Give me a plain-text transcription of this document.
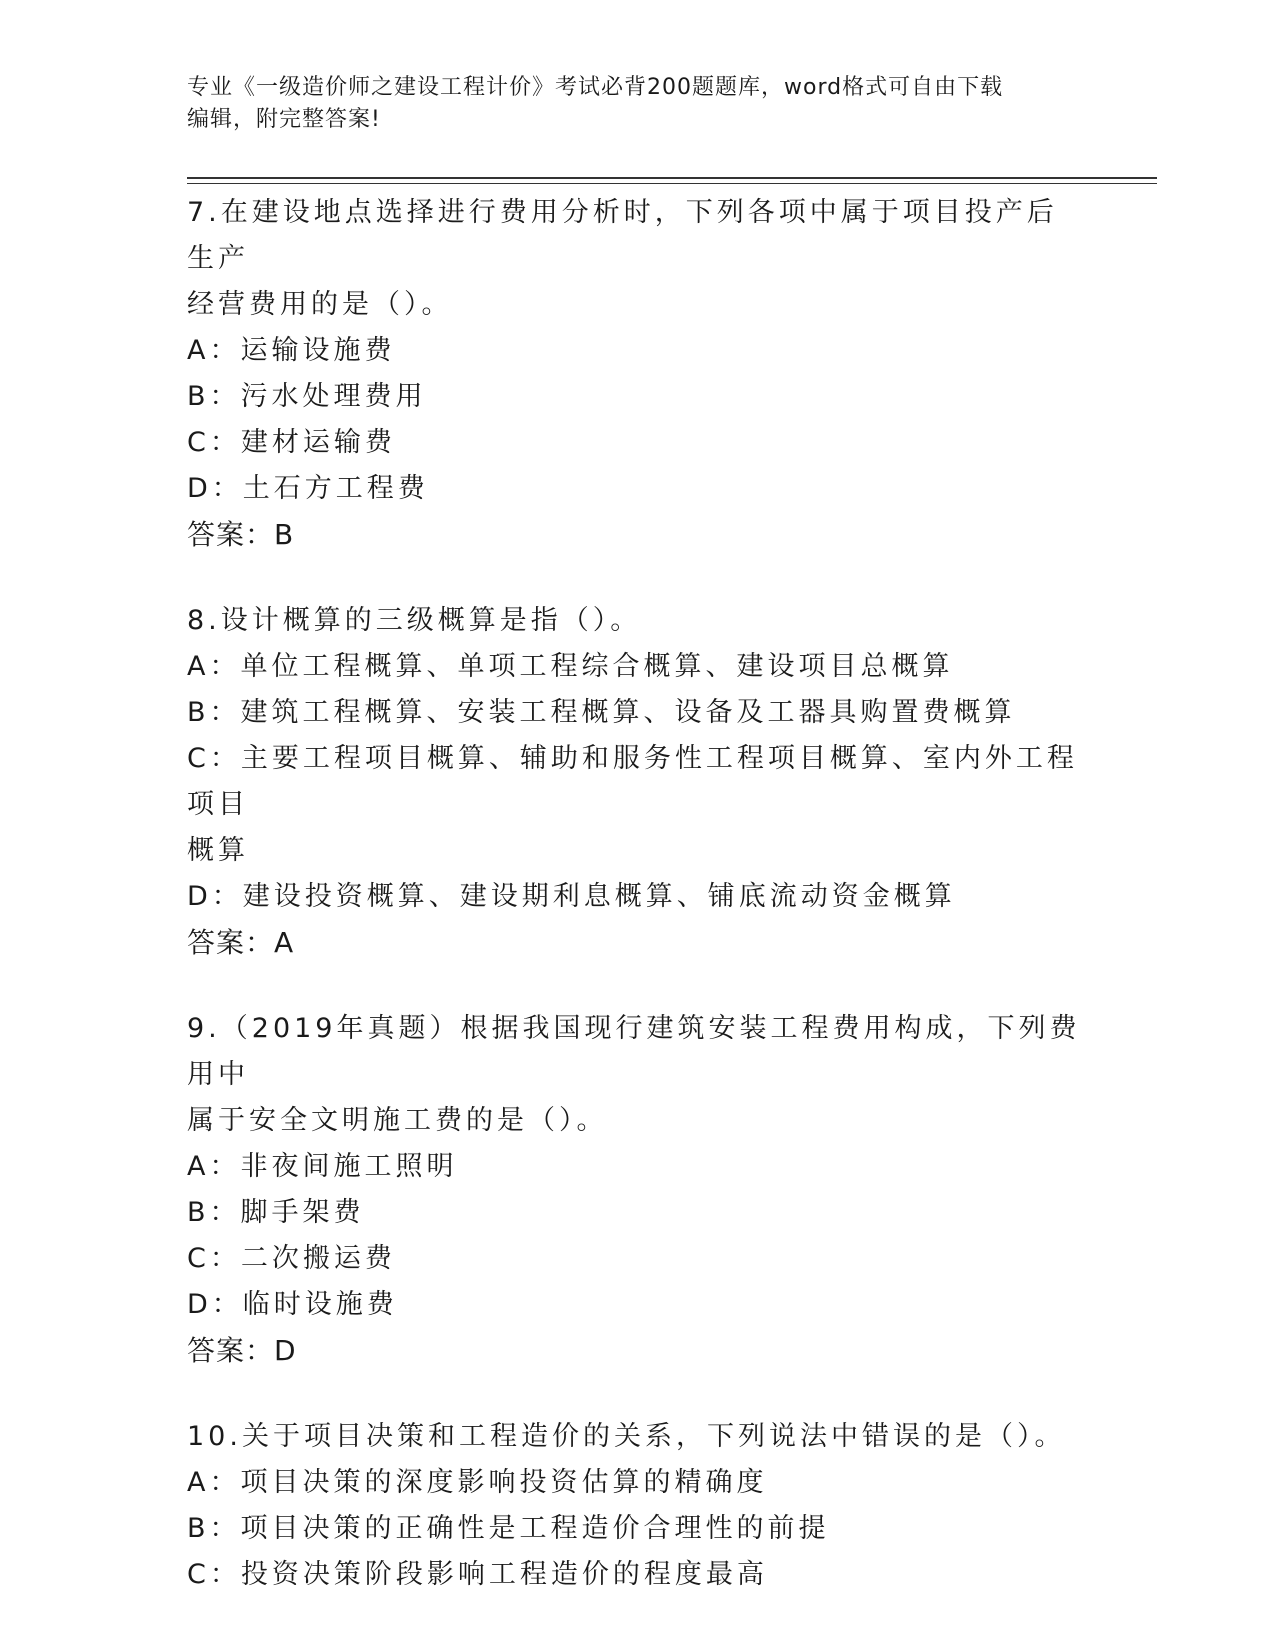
专业《一级造价师之建设工程计价》考试必背200题题库，word格式可自由下载
编辑，附完整答案!
7.在建设地点选择进行费用分析时，下列各项中属于项目投产后生产
经营费用的是（）。
A：运输设施费
B：污水处理费用
C：建材运输费
D：土石方工程费
答案：B
8.设计概算的三级概算是指（）。
A：单位工程概算、单项工程综合概算、建设项目总概算
B：建筑工程概算、安装工程概算、设备及工器具购置费概算
C：主要工程项目概算、辅助和服务性工程项目概算、室内外工程项目
概算
D：建设投资概算、建设期利息概算、铺底流动资金概算
答案：A
9.（2019年真题）根据我国现行建筑安装工程费用构成，下列费用中
属于安全文明施工费的是（）。
A：非夜间施工照明
B：脚手架费
C：二次搬运费
D：临时设施费
答案：D
10.关于项目决策和工程造价的关系，下列说法中错误的是（）。
A：项目决策的深度影响投资估算的精确度
B：项目决策的正确性是工程造价合理性的前提
C：投资决策阶段影响工程造价的程度最高
